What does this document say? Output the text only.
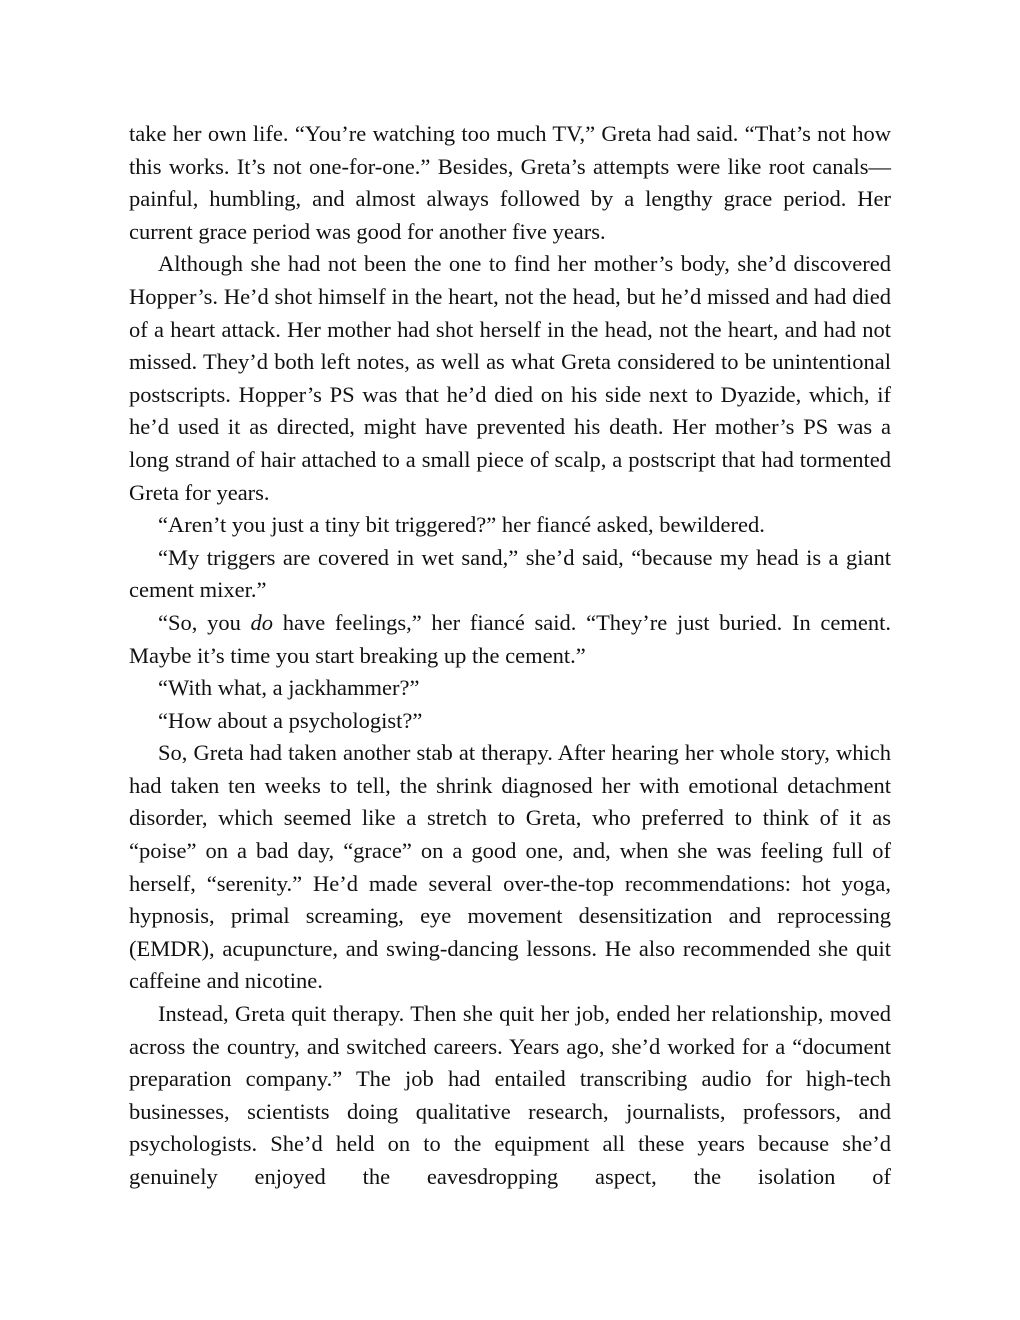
take her own life. “You’re watching too much TV,” Greta had said. “That’s not how this works. It’s not one-for-one.” Besides, Greta’s attempts were like root canals—painful, humbling, and almost always followed by a lengthy grace period. Her current grace period was good for another five years.

Although she had not been the one to find her mother’s body, she’d discovered Hopper’s. He’d shot himself in the heart, not the head, but he’d missed and had died of a heart attack. Her mother had shot herself in the head, not the heart, and had not missed. They’d both left notes, as well as what Greta considered to be unintentional postscripts. Hopper’s PS was that he’d died on his side next to Dyazide, which, if he’d used it as directed, might have prevented his death. Her mother’s PS was a long strand of hair attached to a small piece of scalp, a postscript that had tormented Greta for years.

“Aren’t you just a tiny bit triggered?” her fiancé asked, bewildered.

“My triggers are covered in wet sand,” she’d said, “because my head is a giant cement mixer.”

“So, you do have feelings,” her fiancé said. “They’re just buried. In cement. Maybe it’s time you start breaking up the cement.”

“With what, a jackhammer?”

“How about a psychologist?”

So, Greta had taken another stab at therapy. After hearing her whole story, which had taken ten weeks to tell, the shrink diagnosed her with emotional detachment disorder, which seemed like a stretch to Greta, who preferred to think of it as “poise” on a bad day, “grace” on a good one, and, when she was feeling full of herself, “serenity.” He’d made several over-the-top recommendations: hot yoga, hypnosis, primal screaming, eye movement desensitization and reprocessing (EMDR), acupuncture, and swing-dancing lessons. He also recommended she quit caffeine and nicotine.

Instead, Greta quit therapy. Then she quit her job, ended her relationship, moved across the country, and switched careers. Years ago, she’d worked for a “document preparation company.” The job had entailed transcribing audio for high-tech businesses, scientists doing qualitative research, journalists, professors, and psychologists. She’d held on to the equipment all these years because she’d genuinely enjoyed the eavesdropping aspect, the isolation of
